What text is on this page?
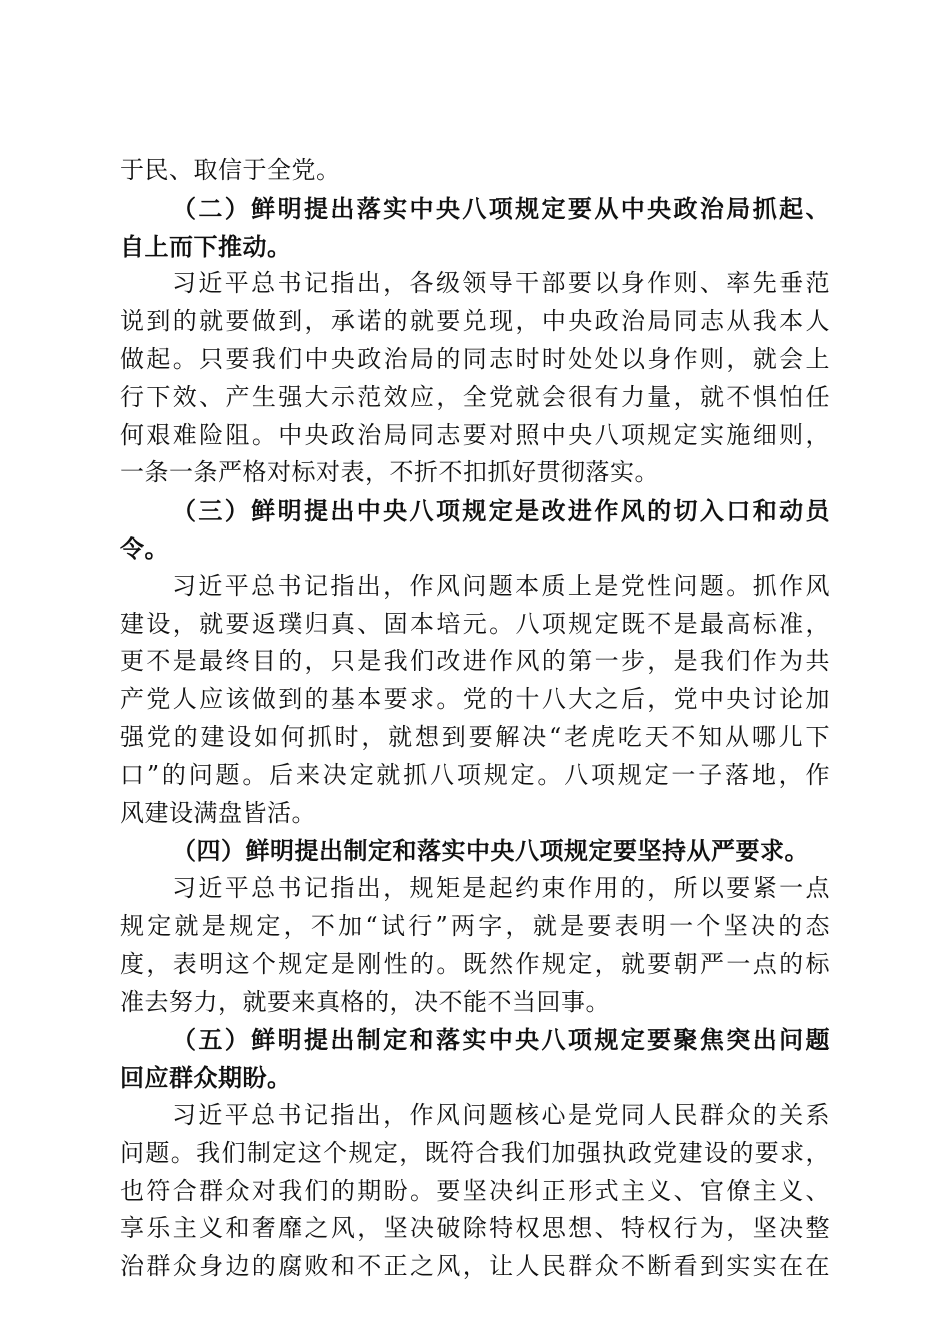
于民、取信于全党。
（二）鲜明提出落实中央八项规定要从中央政治局抓起、
自上而下推动。
习近平总书记指出，各级领导干部要以身作则、率先垂范
说到的就要做到，承诺的就要兑现，中央政治局同志从我本人
做起。只要我们中央政治局的同志时时处处以身作则，就会上
行下效、产生强大示范效应，全党就会很有力量，就不惧怕任
何艰难险阻。中央政治局同志要对照中央八项规定实施细则，
一条一条严格对标对表，不折不扣抓好贯彻落实。
（三）鲜明提出中央八项规定是改进作风的切入口和动员
令。
习近平总书记指出，作风问题本质上是党性问题。抓作风
建设，就要返璞归真、固本培元。八项规定既不是最高标准，
更不是最终目的，只是我们改进作风的第一步，是我们作为共
产党人应该做到的基本要求。党的十八大之后，党中央讨论加
强党的建设如何抓时，就想到要解决“老虎吃天不知从哪儿下
口”的问题。后来决定就抓八项规定。八项规定一子落地，作
风建设满盘皆活。
（四）鲜明提出制定和落实中央八项规定要坚持从严要求。
习近平总书记指出，规矩是起约束作用的，所以要紧一点
规定就是规定，不加“试行”两字，就是要表明一个坚决的态
度，表明这个规定是刚性的。既然作规定，就要朝严一点的标
准去努力，就要来真格的，决不能不当回事。
（五）鲜明提出制定和落实中央八项规定要聚焦突出问题
回应群众期盼。
习近平总书记指出，作风问题核心是党同人民群众的关系
问题。我们制定这个规定，既符合我们加强执政党建设的要求，
也符合群众对我们的期盼。要坚决纠正形式主义、官僚主义、
享乐主义和奢靡之风，坚决破除特权思想、特权行为，坚决整
治群众身边的腐败和不正之风，让人民群众不断看到实实在在
